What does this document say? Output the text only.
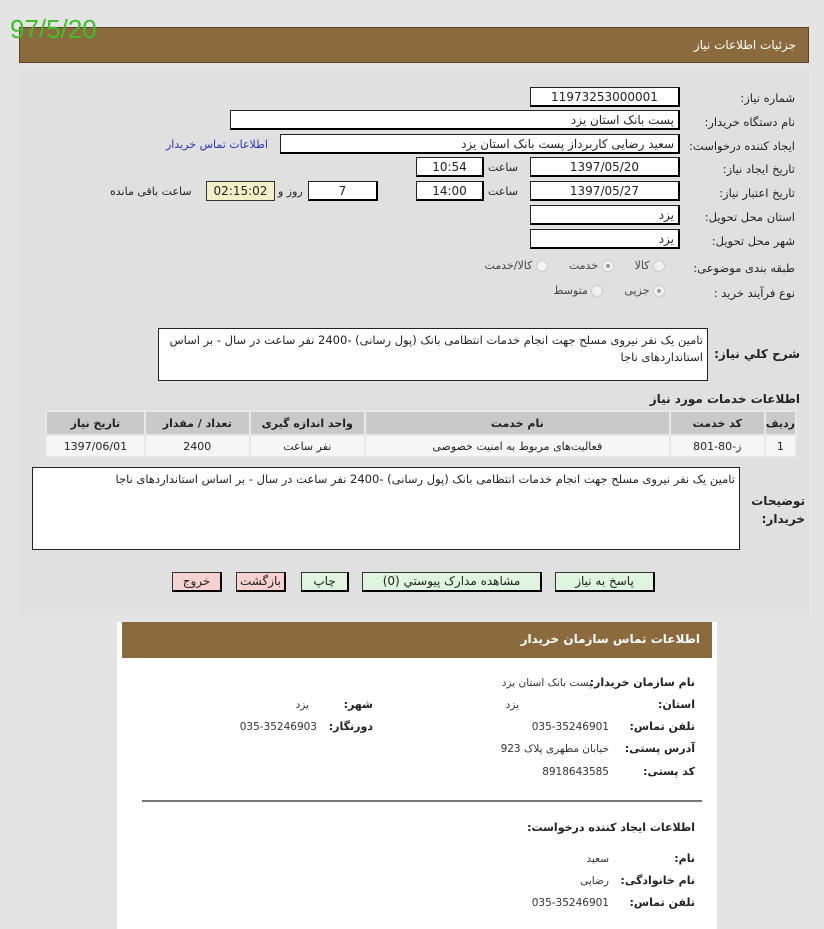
جزئیات اطلاعات نیاز
97/5/20
شماره نیاز:
11973253000001
نام دستگاه خریدار:
پست بانک استان یزد
ایجاد کننده درخواست:
سعید رضایی کاربرداز پست بانک استان یزد
اطلاعات تماس خریدار
تاریخ ایجاد نیاز:
1397/05/20
ساعت
10:54
تاریخ اعتبار نیاز:
1397/05/27
ساعت
14:00
7
روز و
02:15:02
ساعت باقی مانده
استان محل تحویل:
یزد
شهر محل تحویل:
یزد
طبقه بندی موضوعی:
کالا       خدمت       کالا/خدمت
نوع فرآیند خرید :
جزیی       متوسط
شرح کلي نياز:
تامین یک نفر نیروی مسلح جهت انجام خدمات انتظامی بانک (پول رسانی) -2400 نفر ساعت در سال - بر اساس استانداردهای ناجا
اطلاعات خدمات مورد نیاز
ردیف	کد خدمت	نام خدمت	واحد اندازه گیری	تعداد / مقدار	تاریخ نیاز
1	ز-80-801	فعالیت‌های مربوط به امنیت خصوصی	نفر ساعت	2400	1397/06/01
توضیحات خریدار:
تامین یک نفر نیروی مسلح جهت انجام خدمات انتظامی بانک (پول رسانی) -2400 نفر ساعت در سال - بر اساس استانداردهای ناجا
پاسخ به نیاز
مشاهده مدارک پیوستي (0)
چاپ
بازگشت
خروج
اطلاعات تماس سازمان خریدار
نام سازمان خریدار:
پست بانک استان یزد
استان:
یزد
شهر:
یزد
تلفن تماس:
035-35246901
دورنگار:
035-35246903
آدرس پستی:
خیابان مطهری پلاک 923
کد پستی:
8918643585
اطلاعات ایجاد کننده درخواست:
نام:
سعید
نام خانوادگی:
رضایی
تلفن تماس:
035-35246901
